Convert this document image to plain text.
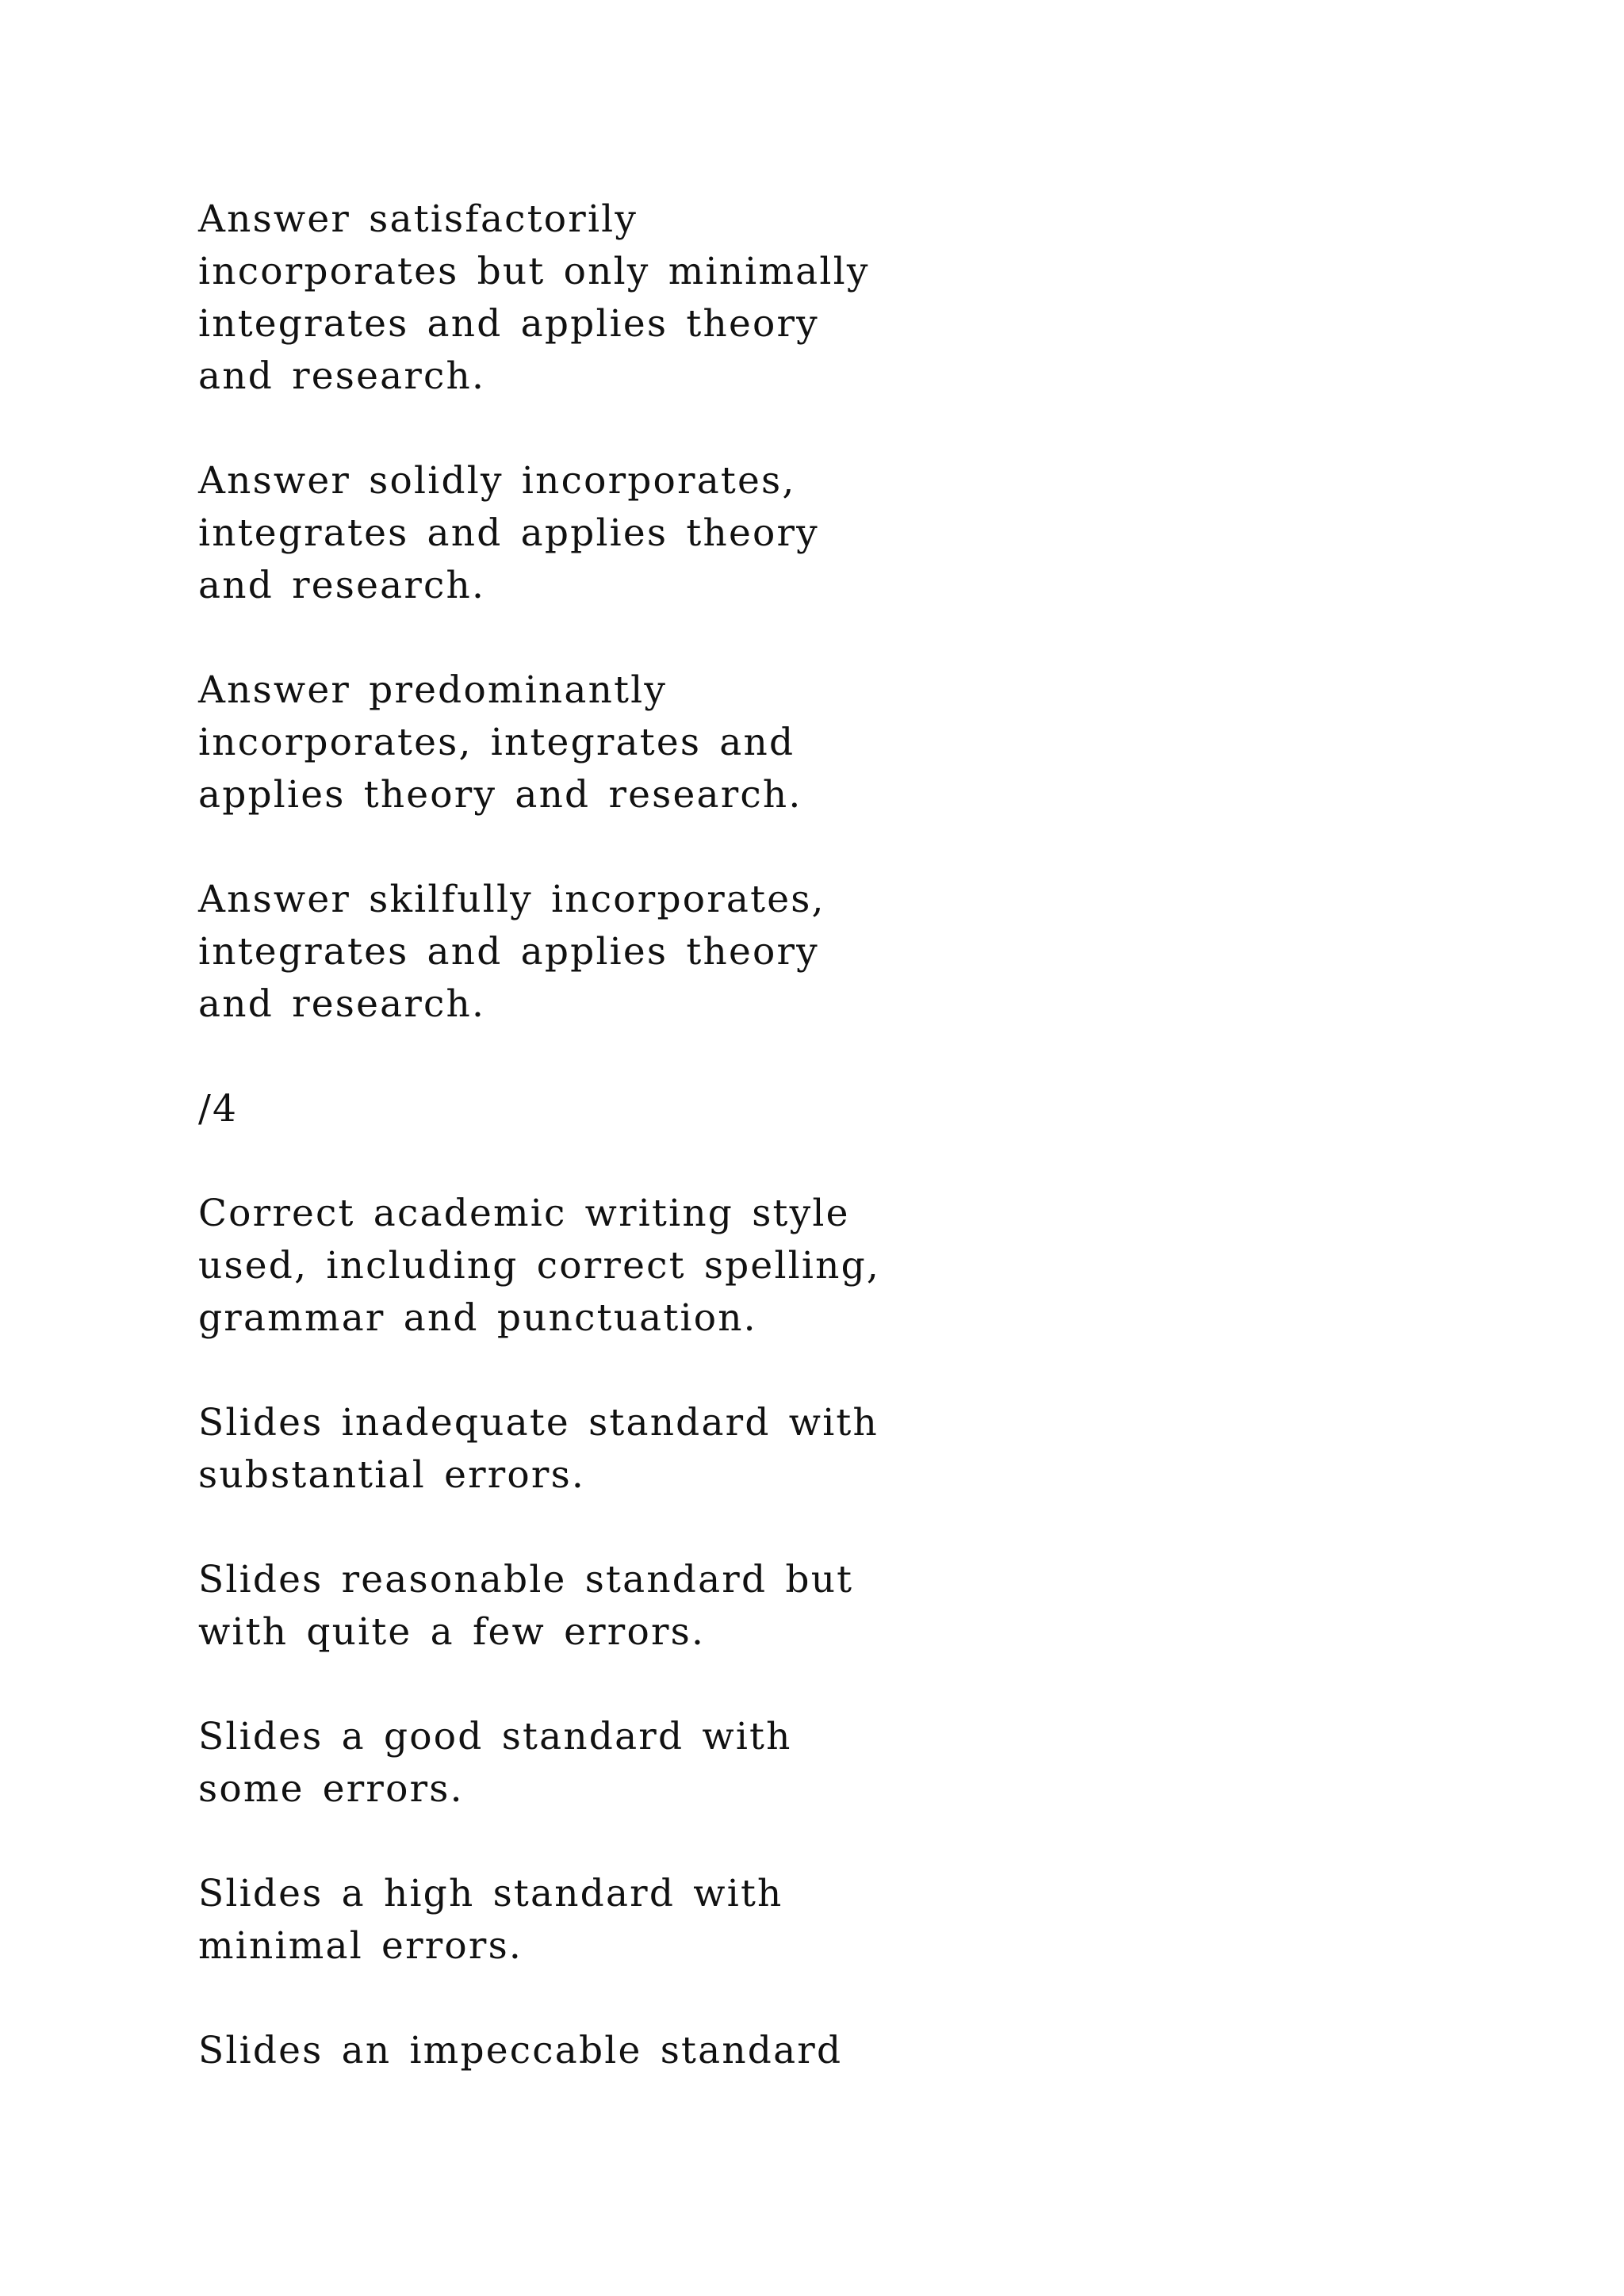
Answer satisfactorily
incorporates but only minimally
integrates and applies theory
and research.

Answer solidly incorporates,
integrates and applies theory
and research.

Answer predominantly
incorporates, integrates and
applies theory and research.

Answer skilfully incorporates,
integrates and applies theory
and research.

/4

Correct academic writing style
used, including correct spelling,
grammar and punctuation.

Slides inadequate standard with
substantial errors.

Slides reasonable standard but
with quite a few errors.

Slides a good standard with
some errors.

Slides a high standard with
minimal errors.

Slides an impeccable standard
